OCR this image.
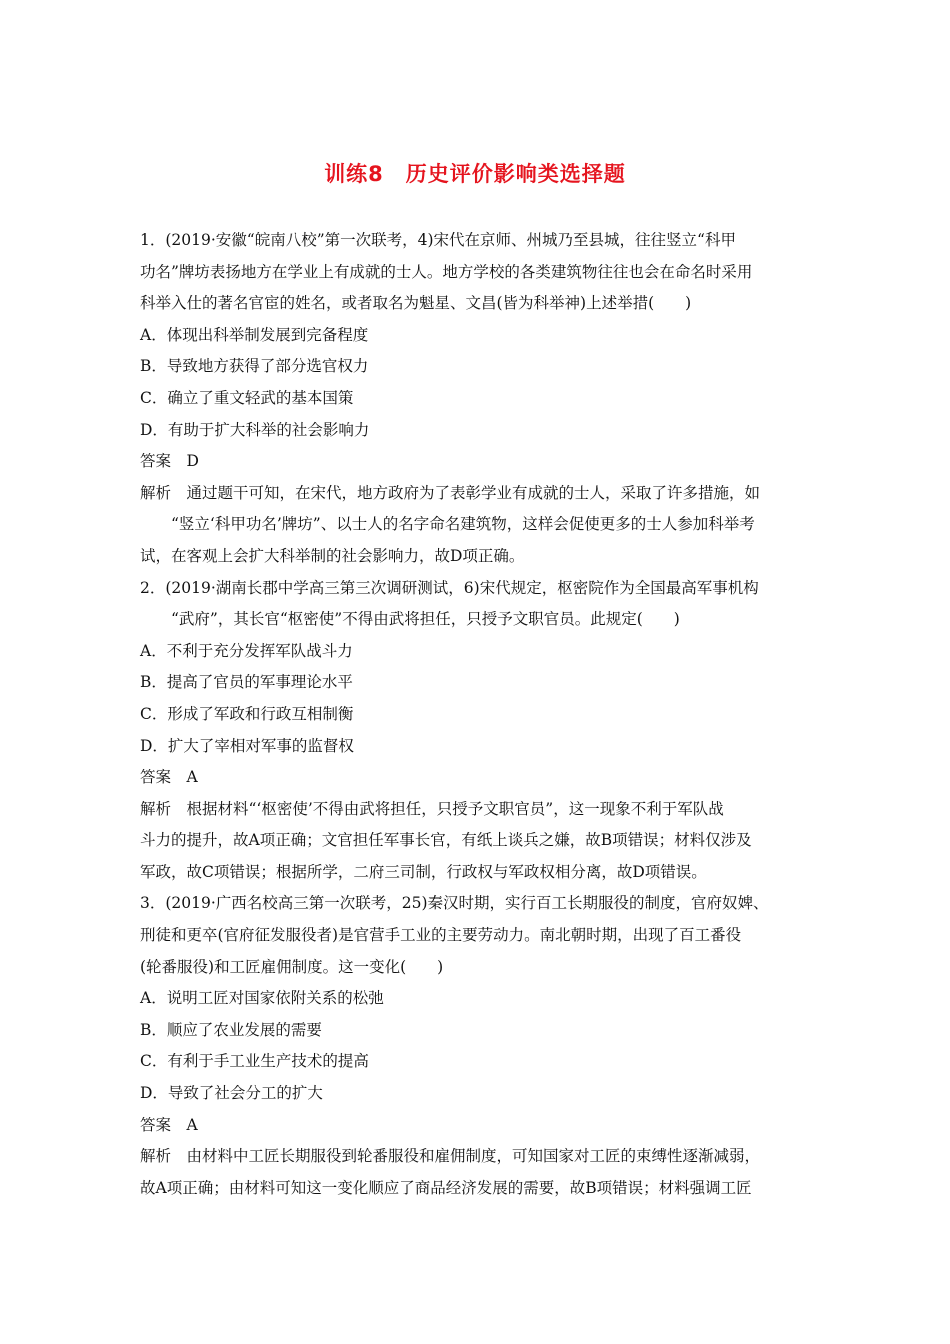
训练8　历史评价影响类选择题
1．(2019·安徽“皖南八校”第一次联考，4)宋代在京师、州城乃至县城，往往竖立“科甲
功名”牌坊表扬地方在学业上有成就的士人。地方学校的各类建筑物往往也会在命名时采用
科举入仕的著名官宦的姓名，或者取名为魁星、文昌(皆为科举神)上述举措(　　)
A．体现出科举制发展到完备程度
B．导致地方获得了部分选官权力
C．确立了重文轻武的基本国策
D．有助于扩大科举的社会影响力
答案　D
解析　通过题干可知，在宋代，地方政府为了表彰学业有成就的士人，采取了许多措施，如
“竖立‘科甲功名’牌坊”、以士人的名字命名建筑物，这样会促使更多的士人参加科举考
试，在客观上会扩大科举制的社会影响力，故D项正确。
2．(2019·湖南长郡中学高三第三次调研测试，6)宋代规定，枢密院作为全国最高军事机构
“武府”，其长官“枢密使”不得由武将担任，只授予文职官员。此规定(　　)
A．不利于充分发挥军队战斗力
B．提高了官员的军事理论水平
C．形成了军政和行政互相制衡
D．扩大了宰相对军事的监督权
答案　A
解析　根据材料“‘枢密使’不得由武将担任，只授予文职官员”，这一现象不利于军队战
斗力的提升，故A项正确；文官担任军事长官，有纸上谈兵之嫌，故B项错误；材料仅涉及
军政，故C项错误；根据所学，二府三司制，行政权与军政权相分离，故D项错误。
3．(2019·广西名校高三第一次联考，25)秦汉时期，实行百工长期服役的制度，官府奴婢、
刑徒和更卒(官府征发服役者)是官营手工业的主要劳动力。南北朝时期，出现了百工番役
(轮番服役)和工匠雇佣制度。这一变化(　　)
A．说明工匠对国家依附关系的松弛
B．顺应了农业发展的需要
C．有利于手工业生产技术的提高
D．导致了社会分工的扩大
答案　A
解析　由材料中工匠长期服役到轮番服役和雇佣制度，可知国家对工匠的束缚性逐渐减弱，
故A项正确；由材料可知这一变化顺应了商品经济发展的需要，故B项错误；材料强调工匠
